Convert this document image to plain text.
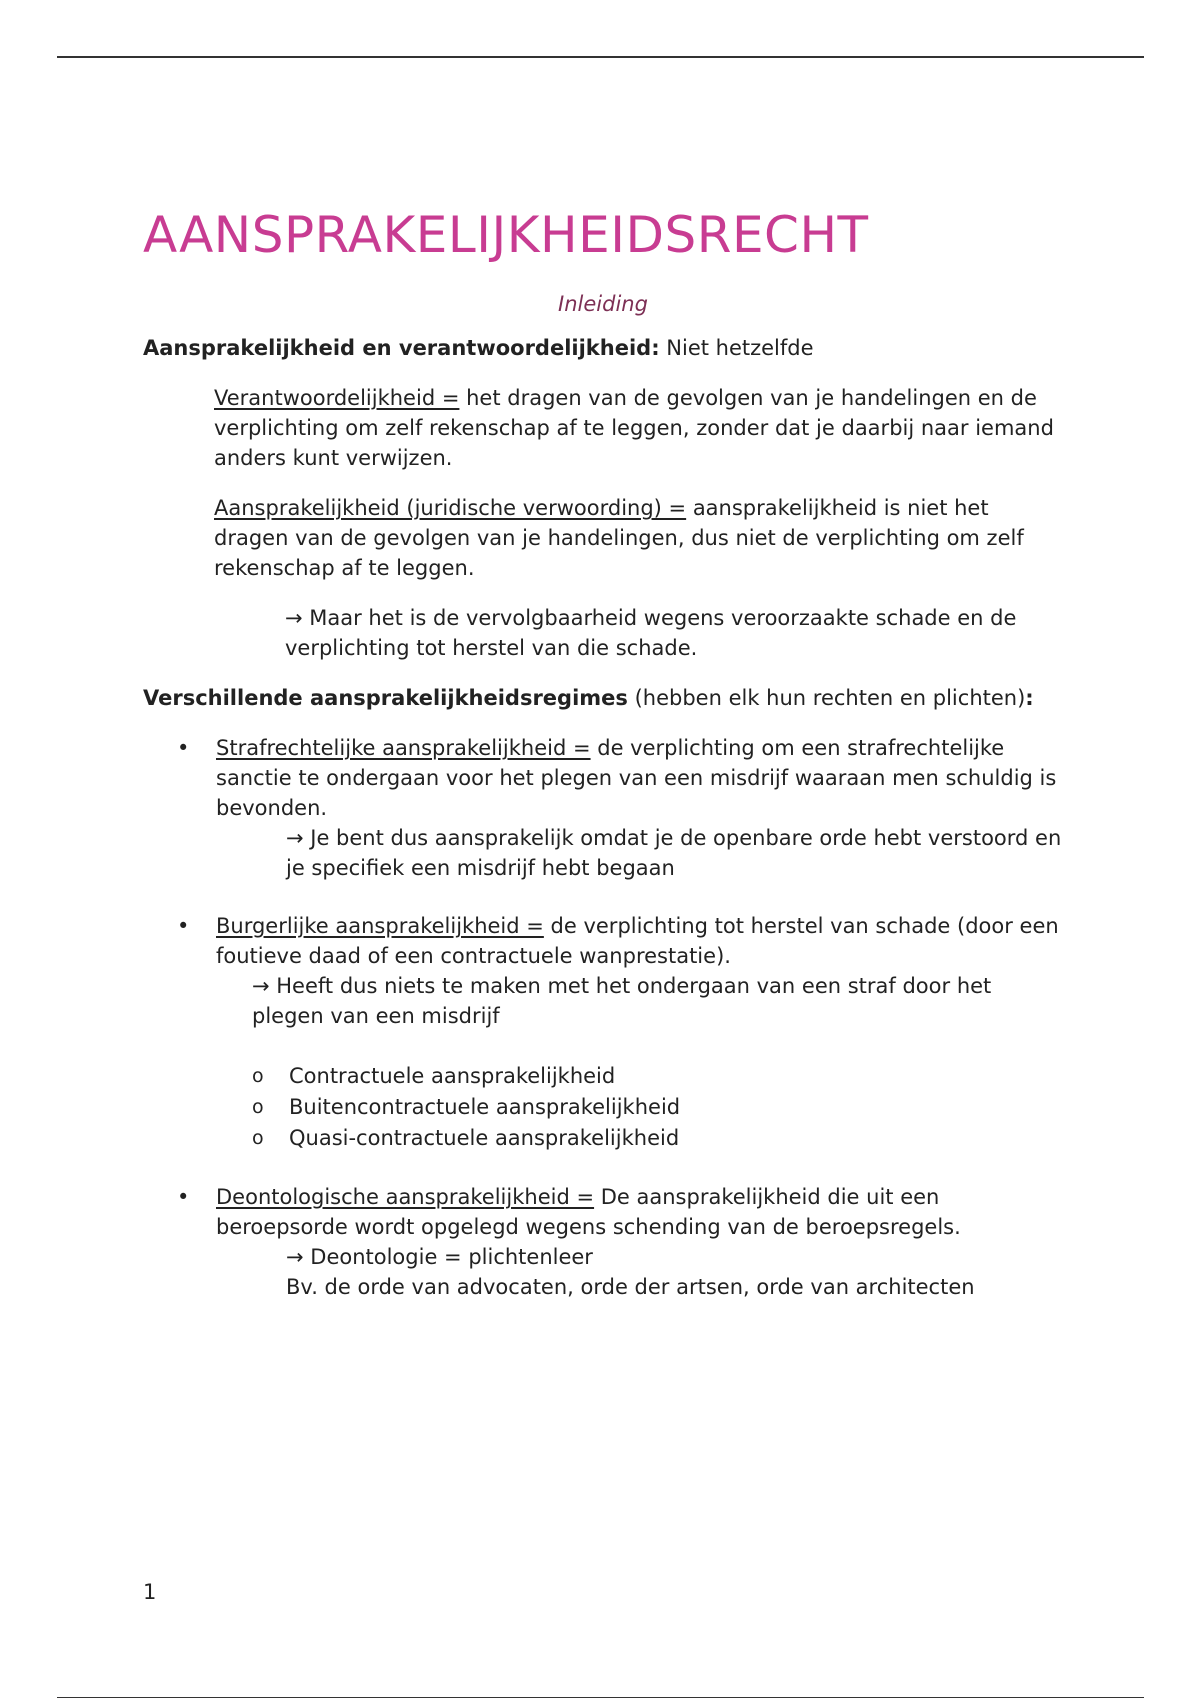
AANSPRAKELIJKHEIDSRECHT
Inleiding

Aansprakelijkheid en verantwoordelijkheid: Niet hetzelfde

Verantwoordelijkheid = het dragen van de gevolgen van je handelingen en de verplichting om zelf rekenschap af te leggen, zonder dat je daarbij naar iemand anders kunt verwijzen.

Aansprakelijkheid (juridische verwoording) = aansprakelijkheid is niet het dragen van de gevolgen van je handelingen, dus niet de verplichting om zelf rekenschap af te leggen.

→ Maar het is de vervolgbaarheid wegens veroorzaakte schade en de verplichting tot herstel van die schade.

Verschillende aansprakelijkheidsregimes (hebben elk hun rechten en plichten):

• Strafrechtelijke aansprakelijkheid = de verplichting om een strafrechtelijke sanctie te ondergaan voor het plegen van een misdrijf waaraan men schuldig is bevonden.

→ Je bent dus aansprakelijk omdat je de openbare orde hebt verstoord en je specifiek een misdrijf hebt begaan

• Burgerlijke aansprakelijkheid = de verplichting tot herstel van schade (door een foutieve daad of een contractuele wanprestatie).

→ Heeft dus niets te maken met het ondergaan van een straf door het plegen van een misdrijf

o Contractuele aansprakelijkheid
o Buitencontractuele aansprakelijkheid
o Quasi-contractuele aansprakelijkheid
• Deontologische aansprakelijkheid = De aansprakelijkheid die uit een beroepsorde wordt opgelegd wegens schending van de beroepsregels.

→ Deontologie = plichtenleer

Bv. de orde van advocaten, orde der artsen, orde van architecten

1
